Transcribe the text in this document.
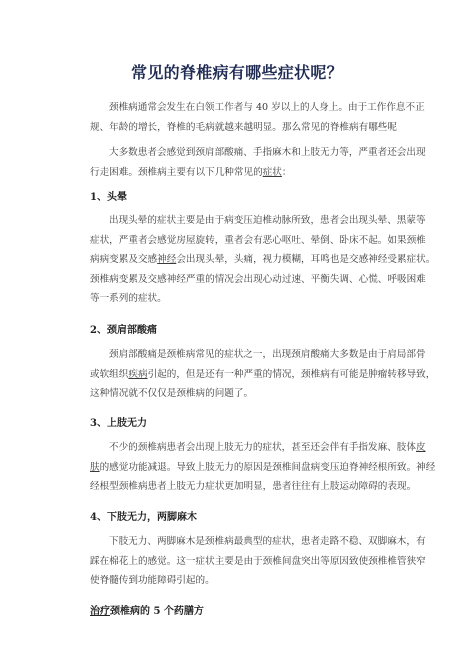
常见的脊椎病有哪些症状呢？
颈椎病通常会发生在白领工作者与 40 岁以上的人身上。由于工作作息不正
规、年龄的增长，脊椎的毛病就越来越明显。那么常见的脊椎病有哪些呢
大多数患者会感觉到颈肩部酸痛、手指麻木和上肢无力等，严重者还会出现
行走困难。颈椎病主要有以下几种常见的症状：
1、头晕
出现头晕的症状主要是由于病变压迫椎动脉所致，患者会出现头晕、黑蒙等
症状，严重者会感觉房屋旋转，重者会有恶心呕吐、晕倒、卧床不起。如果颈椎
病病变累及交感神经会出现头晕，头痛，视力模糊，耳鸣也是交感神经受累症状。
颈椎病变累及交感神经严重的情况会出现心动过速、平衡失调、心慌、呼吸困难
等一系列的症状。
2、颈肩部酸痛
颈肩部酸痛是颈椎病常见的症状之一，出现颈肩酸痛大多数是由于肩局部骨
或软组织疾病引起的，但是还有一种严重的情况，颈椎病有可能是肿瘤转移导致，
这种情况就不仅仅是颈椎病的问题了。
3、上肢无力
不少的颈椎病患者会出现上肢无力的症状，甚至还会伴有手指发麻、肢体皮
肤的感觉功能减退。导致上肢无力的原因是颈椎间盘病变压迫脊神经根所致。神经
经根型颈椎病患者上肢无力症状更加明显，患者往往有上肢运动障碍的表现。
4、下肢无力，两脚麻木
下肢无力、两脚麻木是颈椎病最典型的症状，患者走路不稳、双脚麻木，有
踩在棉花上的感觉。这一症状主要是由于颈椎间盘突出等原因致使颈椎椎管狭窄
使脊髓传到功能障碍引起的。
治疗颈椎病的 5 个药膳方
